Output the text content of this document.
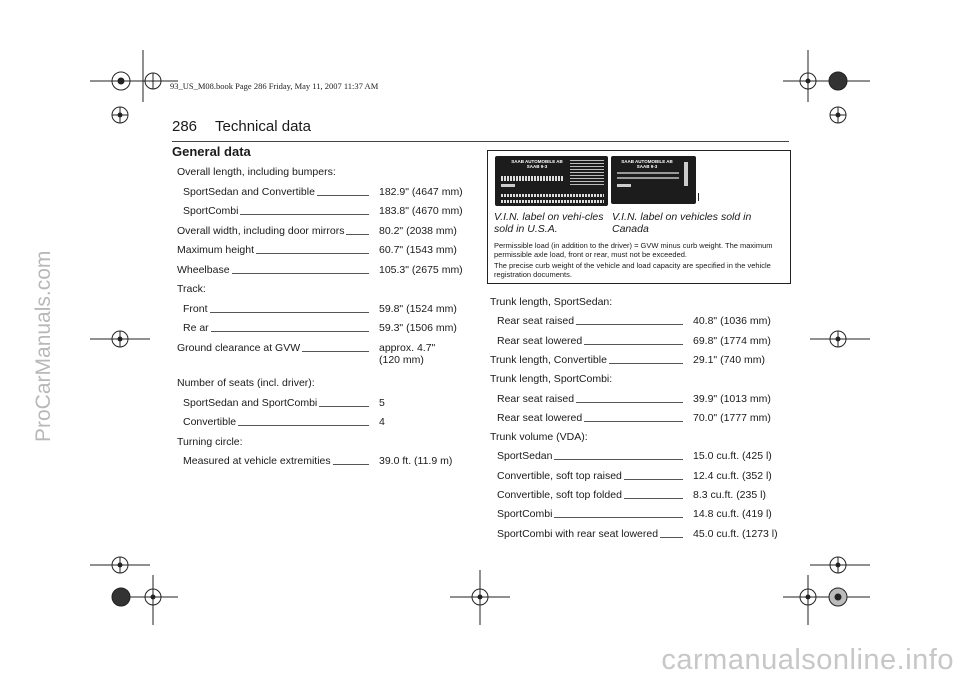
ProCarManuals.com
carmanualsonline.info
93_US_M08.book Page 286 Friday, May 11, 2007 11:37 AM
286 Technical data
General data
Overall length, including bumpers:
SportSedan and Convertible	182.9" (4647 mm)
SportCombi	183.8" (4670 mm)
Overall width, including door mirrors	80.2" (2038 mm)
Maximum height	60.7" (1543 mm)
Wheelbase	105.3" (2675 mm)
Track:
Front	59.8" (1524 mm)
Re ar	59.3" (1506 mm)
Ground clearance at GVW	approx. 4.7"
(120 mm)
Number of seats (incl. driver):
SportSedan and SportCombi	5
Convertible	4
Turning circle:
Measured at vehicle extremities	39.0 ft. (11.9 m)
SAAB AUTOMOBILE AB
SAAB 9-3
SAAB AUTOMOBILE AB
SAAB 9-3
V.I.N. label on vehi-cles sold in U.S.A.
V.I.N. label on vehicles sold in Canada
Permissible load (in addition to the driver) = GVW minus curb weight. The maximum permissible axle load, front or rear, must not be exceeded.
The precise curb weight of the vehicle and load capacity are specified in the vehicle registration documents.
Trunk length, SportSedan:
Rear seat raised	40.8" (1036 mm)
Rear seat lowered	69.8" (1774 mm)
Trunk length, Convertible	29.1" (740 mm)
Trunk length, SportCombi:
Rear seat raised	39.9" (1013 mm)
Rear seat lowered	70.0" (1777 mm)
Trunk volume (VDA):
SportSedan	15.0 cu.ft. (425 l)
Convertible, soft top raised	12.4 cu.ft. (352 l)
Convertible, soft top folded	8.3 cu.ft. (235 l)
SportCombi	14.8 cu.ft. (419 l)
SportCombi with rear seat lowered	45.0 cu.ft. (1273 l)
